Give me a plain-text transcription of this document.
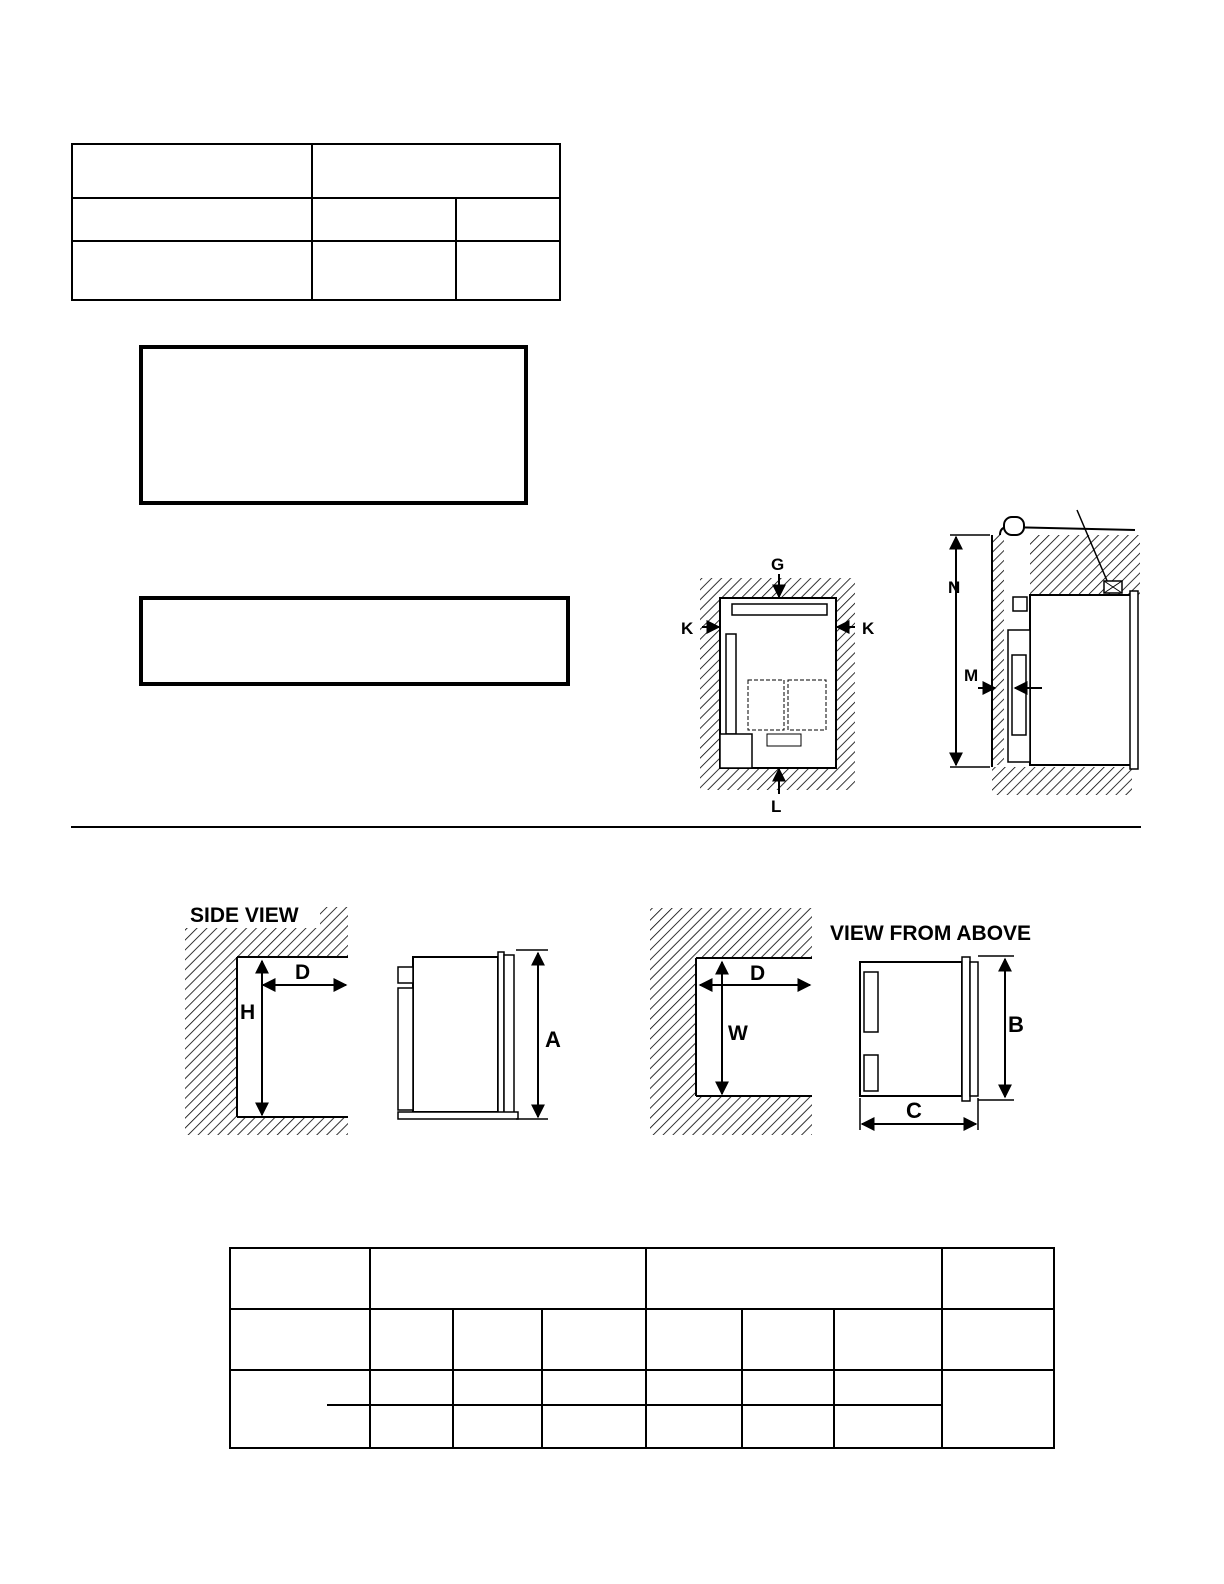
G
K	K
L
N
M
SIDE VIEW
D
H
A
D
W
VIEW FROM ABOVE
B
C
